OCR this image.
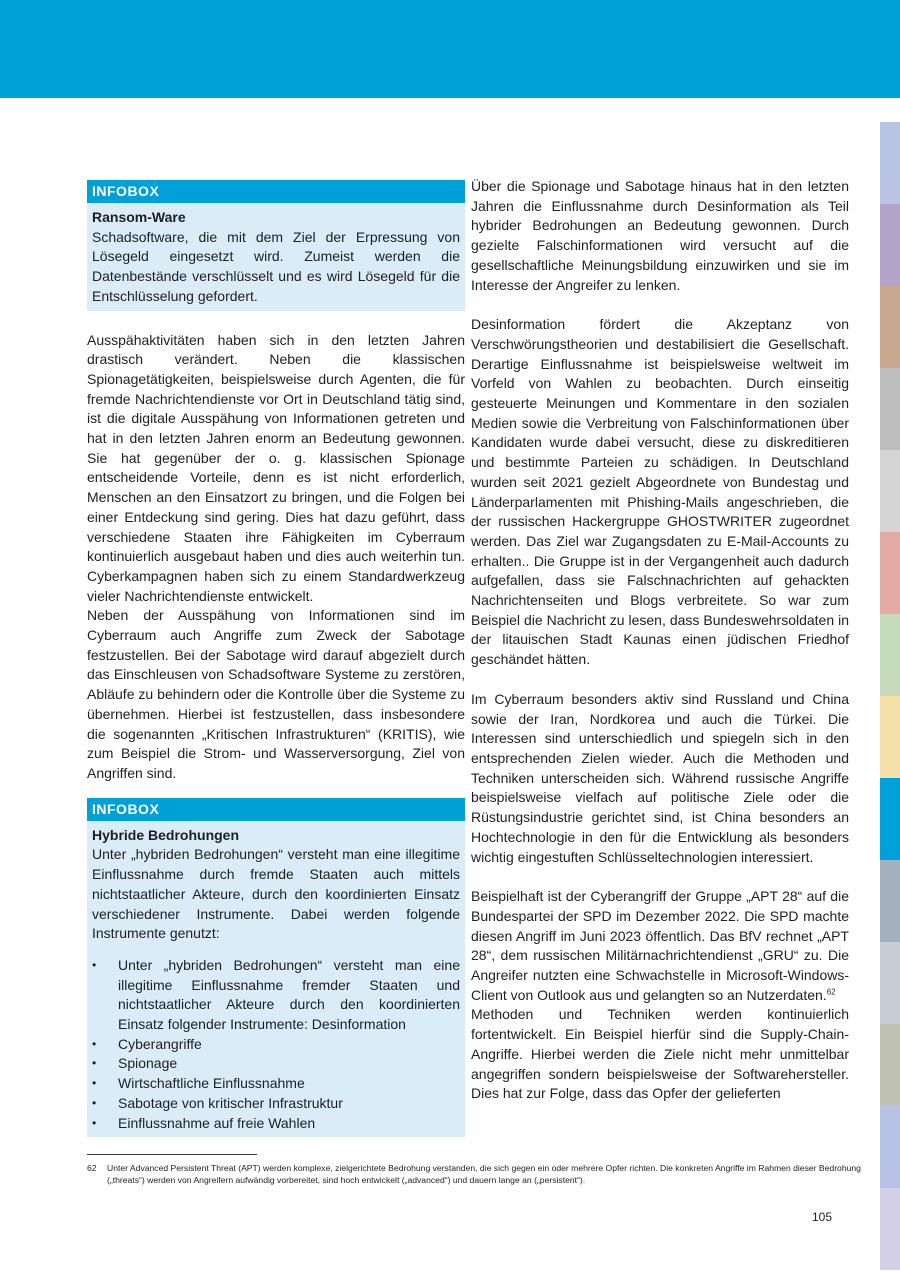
INFOBOX
Ransom-Ware

Schadsoftware, die mit dem Ziel der Erpressung von Lösegeld eingesetzt wird. Zumeist werden die Datenbestände verschlüsselt und es wird Lösegeld für die Entschlüsselung gefordert.

Ausspähaktivitäten haben sich in den letzten Jahren drastisch verändert. Neben die klassischen Spionagetätigkeiten, beispielsweise durch Agenten, die für fremde Nachrichtendienste vor Ort in Deutschland tätig sind, ist die digitale Ausspähung von Informationen getreten und hat in den letzten Jahren enorm an Bedeutung gewonnen. Sie hat gegenüber der o. g. klassischen Spionage entscheidende Vorteile, denn es ist nicht erforderlich, Menschen an den Einsatzort zu bringen, und die Folgen bei einer Entdeckung sind gering. Dies hat dazu geführt, dass verschiedene Staaten ihre Fähigkeiten im Cyberraum kontinuierlich ausgebaut haben und dies auch weiterhin tun. Cyberkampagnen haben sich zu einem Standardwerkzeug vieler Nachrichtendienste entwickelt.

Neben der Ausspähung von Informationen sind im Cyberraum auch Angriffe zum Zweck der Sabotage festzustellen. Bei der Sabotage wird darauf abgezielt durch das Einschleusen von Schadsoftware Systeme zu zerstören, Abläufe zu behindern oder die Kontrolle über die Systeme zu übernehmen. Hierbei ist festzustellen, dass insbesondere die sogenannten „Kritischen Infrastrukturen“ (KRITIS), wie zum Beispiel die Strom- und Wasserversorgung, Ziel von Angriffen sind.

INFOBOX
Hybride Bedrohungen

Unter „hybriden Bedrohungen“ versteht man eine illegitime Einflussnahme durch fremde Staaten auch mittels nichtstaatlicher Akteure, durch den koordinierten Einsatz verschiedener Instrumente. Dabei werden folgende Instrumente genutzt:

• Unter „hybriden Bedrohungen“ versteht man eine illegitime Einflussnahme fremder Staaten und nichtstaatlicher Akteure durch den koordinierten Einsatz folgender Instrumente: Desinformation
• Cyberangriffe
• Spionage
• Wirtschaftliche Einflussnahme
• Sabotage von kritischer Infrastruktur
• Einflussnahme auf freie Wahlen

Über die Spionage und Sabotage hinaus hat in den letzten Jahren die Einflussnahme durch Desinformation als Teil hybrider Bedrohungen an Bedeutung gewonnen. Durch gezielte Falschinformationen wird versucht auf die gesellschaftliche Meinungsbildung einzuwirken und sie im Interesse der Angreifer zu lenken.

Desinformation fördert die Akzeptanz von Verschwörungstheorien und destabilisiert die Gesellschaft. Derartige Einflussnahme ist beispielsweise weltweit im Vorfeld von Wahlen zu beobachten. Durch einseitig gesteuerte Meinungen und Kommentare in den sozialen Medien sowie die Verbreitung von Falschinformationen über Kandidaten wurde dabei versucht, diese zu diskreditieren und bestimmte Parteien zu schädigen. In Deutschland wurden seit 2021 gezielt Abgeordnete von Bundestag und Länderparlamenten mit Phishing-Mails angeschrieben, die der russischen Hackergruppe GHOSTWRITER zugeordnet werden. Das Ziel war Zugangsdaten zu E-Mail-Accounts zu erhalten.. Die Gruppe ist in der Vergangenheit auch dadurch aufgefallen, dass sie Falschnachrichten auf gehackten Nachrichtenseiten und Blogs verbreitete. So war zum Beispiel die Nachricht zu lesen, dass Bundeswehrsoldaten in der litauischen Stadt Kaunas einen jüdischen Friedhof geschändet hätten.

Im Cyberraum besonders aktiv sind Russland und China sowie der Iran, Nordkorea und auch die Türkei. Die Interessen sind unterschiedlich und spiegeln sich in den entsprechenden Zielen wieder. Auch die Methoden und Techniken unterscheiden sich. Während russische Angriffe beispielsweise vielfach auf politische Ziele oder die Rüstungsindustrie gerichtet sind, ist China besonders an Hochtechnologie in den für die Entwicklung als besonders wichtig eingestuften Schlüsseltechnologien interessiert.

Beispielhaft ist der Cyberangriff der Gruppe „APT 28“ auf die Bundespartei der SPD im Dezember 2022. Die SPD machte diesen Angriff im Juni 2023 öffentlich. Das BfV rechnet „APT 28“, dem russischen Militärnachrichtendienst „GRU“ zu. Die Angreifer nutzten eine Schwachstelle in Microsoft-Windows-Client von Outlook aus und gelangten so an Nutzerdaten.$^{62}$

Methoden und Techniken werden kontinuierlich fortentwickelt. Ein Beispiel hierfür sind die Supply-Chain-Angriffe. Hierbei werden die Ziele nicht mehr unmittelbar angegriffen sondern beispielsweise der Softwarehersteller. Dies hat zur Folge, dass das Opfer der gelieferten

62 Unter Advanced Persistent Threat (APT) werden komplexe, zielgerichtete Bedrohung verstanden, die sich gegen ein oder mehrere Opfer richten. Die konkreten Angriffe im Rahmen dieser Bedrohung („threats“) werden von Angreifern aufwändig vorbereitet, sind hoch entwickelt („advanced“) und dauern lange an („persistent“).
105
